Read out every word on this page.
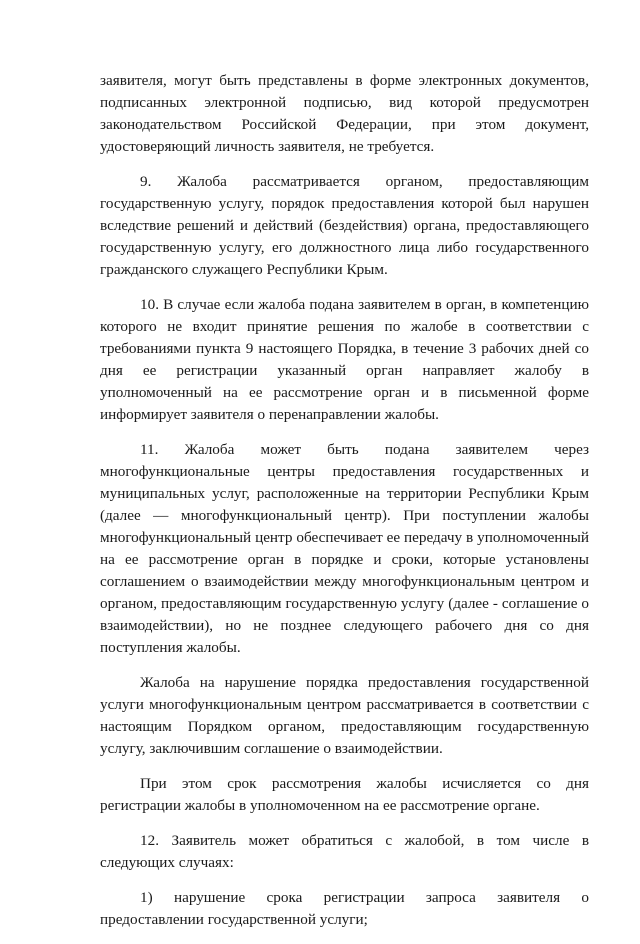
заявителя, могут быть представлены в форме электронных документов, подписанных электронной подписью, вид которой предусмотрен законодательством Российской Федерации, при этом документ, удостоверяющий личность заявителя, не требуется.

9. Жалоба рассматривается органом, предоставляющим государственную услугу, порядок предоставления которой был нарушен вследствие решений и действий (бездействия) органа, предоставляющего государственную услугу, его должностного лица либо государственного гражданского служащего Республики Крым.

10. В случае если жалоба подана заявителем в орган, в компетенцию которого не входит принятие решения по жалобе в соответствии с требованиями пункта 9 настоящего Порядка, в течение 3 рабочих дней со дня ее регистрации указанный орган направляет жалобу в уполномоченный на ее рассмотрение орган и в письменной форме информирует заявителя о перенаправлении жалобы.

11. Жалоба может быть подана заявителем через многофункциональные центры предоставления государственных и муниципальных услуг, расположенные на территории Республики Крым (далее — многофункциональный центр). При поступлении жалобы многофункциональный центр обеспечивает ее передачу в уполномоченный на ее рассмотрение орган в порядке и сроки, которые установлены соглашением о взаимодействии между многофункциональным центром и органом, предоставляющим государственную услугу (далее - соглашение о взаимодействии), но не позднее следующего рабочего дня со дня поступления жалобы.

Жалоба на нарушение порядка предоставления государственной услуги многофункциональным центром рассматривается в соответствии с настоящим Порядком органом, предоставляющим государственную услугу, заключившим соглашение о взаимодействии.

При этом срок рассмотрения жалобы исчисляется со дня регистрации жалобы в уполномоченном на ее рассмотрение органе.

12. Заявитель может обратиться с жалобой, в том числе в следующих случаях:

1) нарушение срока регистрации запроса заявителя о предоставлении государственной услуги;
